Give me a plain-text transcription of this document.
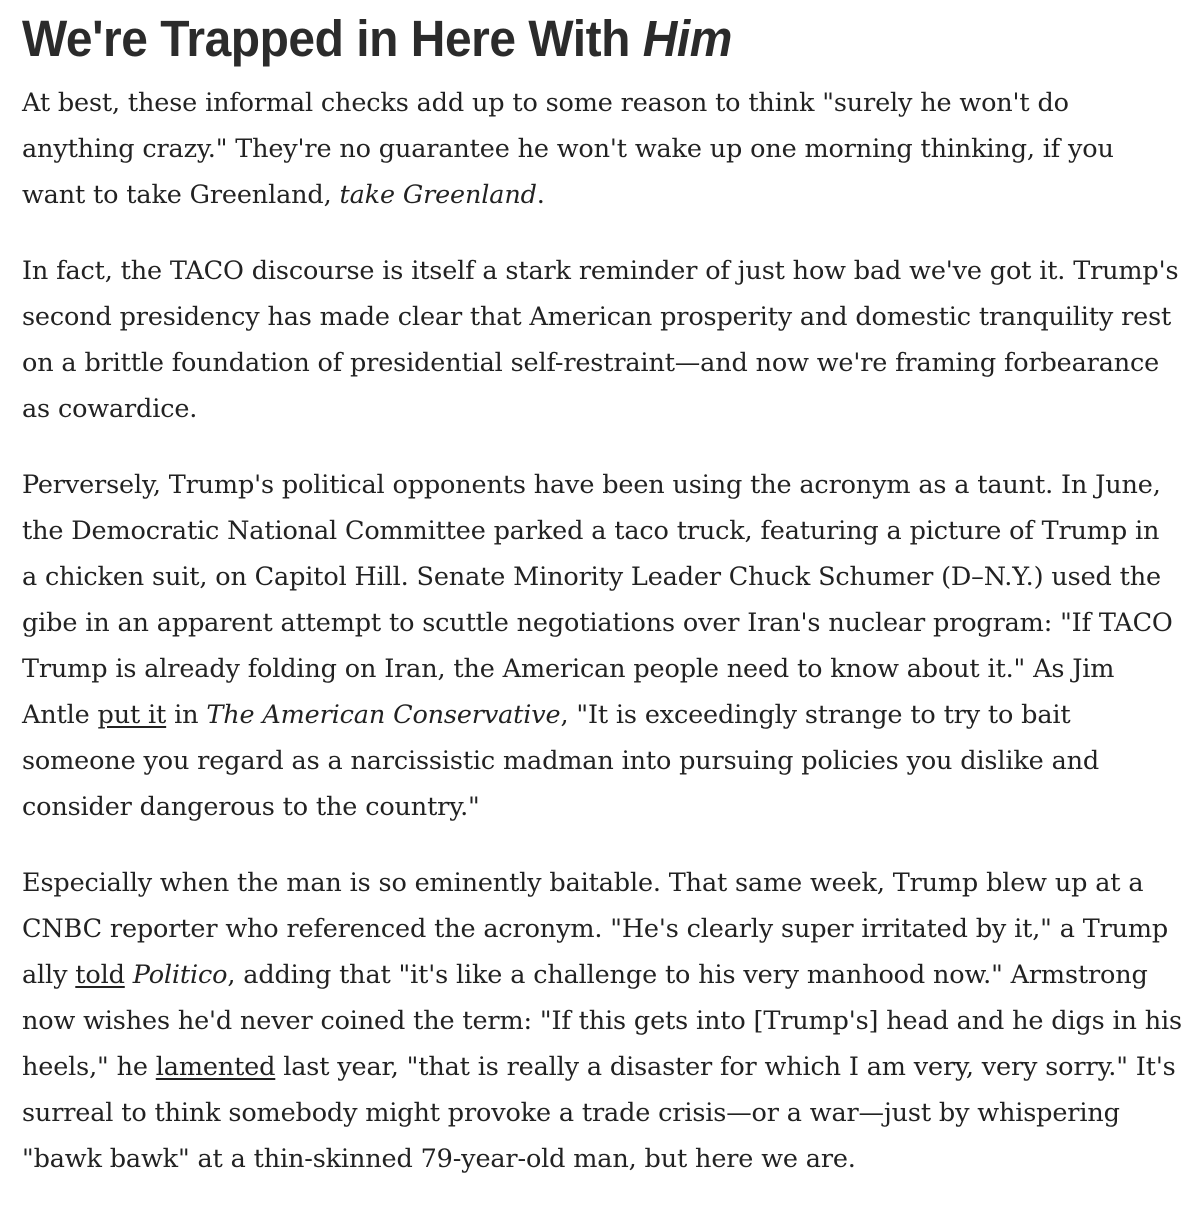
We're Trapped in Here With Him

At best, these informal checks add up to some reason to think "surely he won't do anything crazy." They're no guarantee he won't wake up one morning thinking, if you want to take Greenland, take Greenland.

In fact, the TACO discourse is itself a stark reminder of just how bad we've got it. Trump's second presidency has made clear that American prosperity and domestic tranquility rest on a brittle foundation of presidential self-restraint—and now we're framing forbearance as cowardice.

Perversely, Trump's political opponents have been using the acronym as a taunt. In June, the Democratic National Committee parked a taco truck, featuring a picture of Trump in a chicken suit, on Capitol Hill. Senate Minority Leader Chuck Schumer (D–N.Y.) used the gibe in an apparent attempt to scuttle negotiations over Iran's nuclear program: "If TACO Trump is already folding on Iran, the American people need to know about it." As Jim Antle put it in The American Conservative, "It is exceedingly strange to try to bait someone you regard as a narcissistic madman into pursuing policies you dislike and consider dangerous to the country."

Especially when the man is so eminently baitable. That same week, Trump blew up at a CNBC reporter who referenced the acronym. "He's clearly super irritated by it," a Trump ally told Politico, adding that "it's like a challenge to his very manhood now." Armstrong now wishes he'd never coined the term: "If this gets into [Trump's] head and he digs in his heels," he lamented last year, "that is really a disaster for which I am very, very sorry." It's surreal to think somebody might provoke a trade crisis—or a war—just by whispering "bawk bawk" at a thin-skinned 79-year-old man, but here we are.
